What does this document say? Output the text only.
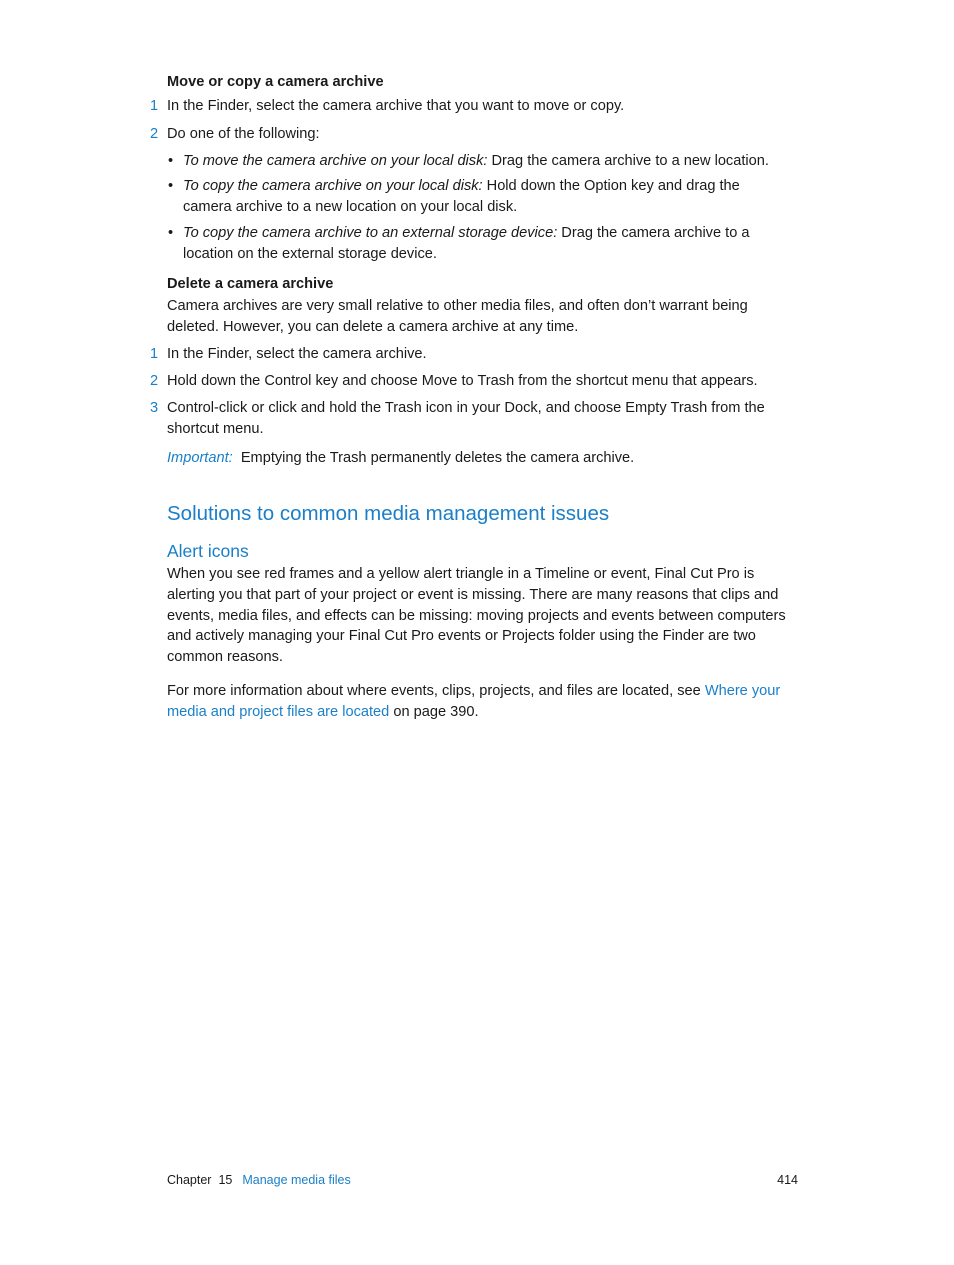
Move or copy a camera archive
1 In the Finder, select the camera archive that you want to move or copy.
2 Do one of the following:
• To move the camera archive on your local disk: Drag the camera archive to a new location.
• To copy the camera archive on your local disk: Hold down the Option key and drag the camera archive to a new location on your local disk.
• To copy the camera archive to an external storage device: Drag the camera archive to a location on the external storage device.
Delete a camera archive
Camera archives are very small relative to other media files, and often don’t warrant being deleted. However, you can delete a camera archive at any time.
1 In the Finder, select the camera archive.
2 Hold down the Control key and choose Move to Trash from the shortcut menu that appears.
3 Control-click or click and hold the Trash icon in your Dock, and choose Empty Trash from the shortcut menu.
Important: Emptying the Trash permanently deletes the camera archive.
Solutions to common media management issues
Alert icons
When you see red frames and a yellow alert triangle in a Timeline or event, Final Cut Pro is alerting you that part of your project or event is missing. There are many reasons that clips and events, media files, and effects can be missing: moving projects and events between computers and actively managing your Final Cut Pro events or Projects folder using the Finder are two common reasons.
For more information about where events, clips, projects, and files are located, see Where your media and project files are located on page 390.
Chapter 15 Manage media files	414
